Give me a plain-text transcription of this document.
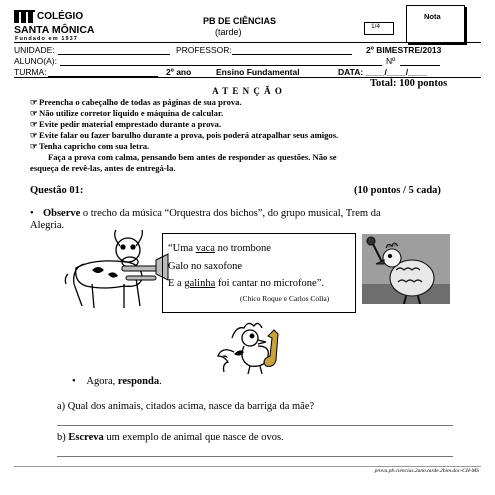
COLÉGIO
SANTA MÔNICA
Fundado em 1937
PB DE CIÊNCIAS
(tarde)
1/4
Nota
UNIDADE:	PROFESSOR:	2º BIMESTRE/2013
ALUNO(A):	Nº
TURMA:	2º ano	Ensino Fundamental	DATA: ____/____/____
Total: 100 pontos
A T E N Ç Ã O
☞Preencha o cabeçalho de todas as páginas de sua prova.
☞Não utilize corretor líquido e máquina de calcular.
☞Evite pedir material emprestado durante a prova.
☞Evite falar ou fazer barulho durante a prova, pois poderá atrapalhar seus amigos.
☞Tenha capricho com sua letra.
Faça a prova com calma, pensando bem antes de responder as questões. Não se
esqueça de revê-las, antes de entregá-la.
Questão 01:	(10 pontos / 5 cada)
• Observe o trecho da música “Orquestra dos bichos”, do grupo musical, Trem da
Alegria.
“Uma vaca no trombone
Galo no saxofone
E a galinha foi cantar no microfone”.
(Chico Roque e Carlos Colla)
• Agora, responda.
a) Qual dos animais, citados acima, nasce da barriga da mãe?
b) Escreva um exemplo de animal que nasce de ovos.
prova.pb.ciencias.2ano.tarde.2bim.doc-CH-MS
